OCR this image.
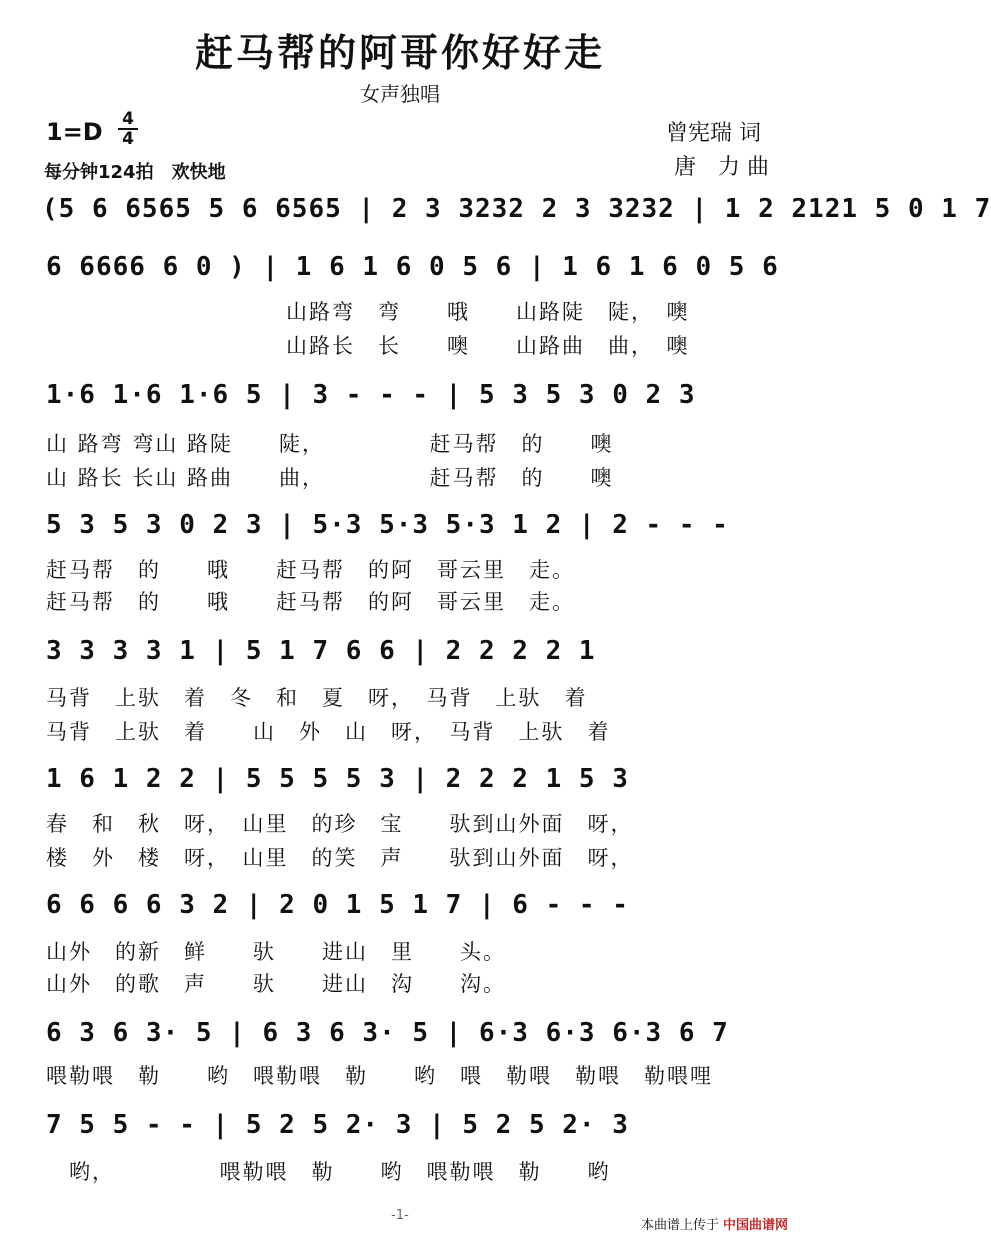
赶马帮的阿哥你好好走
女声独唱
1=D 4
4	曾宪瑞 词
唐　力 曲
每分钟124拍　欢快地
(5 6 6565 5 6 6565 | 2 3 3232 2 3 3232 | 1 2 2121 5 0 1 7
6 6666 6 0 ) | 1 6 1 6 0 5 6 | 1 6 1 6 0 5 6
山路弯　弯　　哦　　山路陡　陡，　噢
山路长　长　　噢　　山路曲　曲，　噢
1·6 1·6 1·6 5 | 3 - - - | 5 3 5 3 0 2 3
山 路弯 弯山 路陡　　陡，　　　　　赶马帮　的　　噢
山 路长 长山 路曲　　曲，　　　　　赶马帮　的　　噢
5 3 5 3 0 2 3 | 5·3 5·3 5·3 1 2 | 2 - - -
赶马帮　的　　哦　　赶马帮　的阿　哥云里　走。
赶马帮　的　　哦　　赶马帮　的阿　哥云里　走。
3 3 3 3 1 | 5 1 7 6 6 | 2 2 2 2 1
马背　上驮　着　冬　和　夏　呀，　马背　上驮　着
马背　上驮　着　　山　外　山　呀，　马背　上驮　着
1 6 1 2 2 | 5 5 5 5 3 | 2 2 2 1 5 3
春　和　秋　呀，　山里　的珍　宝　　驮到山外面　呀，
楼　外　楼　呀，　山里　的笑　声　　驮到山外面　呀，
6 6 6 6 3 2 | 2 0 1 5 1 7 | 6 - - -
山外　的新　鲜　　驮　　进山　里　　头。
山外　的歌　声　　驮　　进山　沟　　沟。
6 3 6 3· 5 | 6 3 6 3· 5 | 6·3 6·3 6·3 6 7
喂勒喂　勒　　哟　喂勒喂　勒　　哟　喂　勒喂　勒喂　勒喂哩
7 5 5 - - | 5 2 5 2· 3 | 5 2 5 2· 3
　哟，　　　　　喂勒喂　勒　　哟　喂勒喂　勒　　哟
-1-
本曲谱上传于 中国曲谱网
